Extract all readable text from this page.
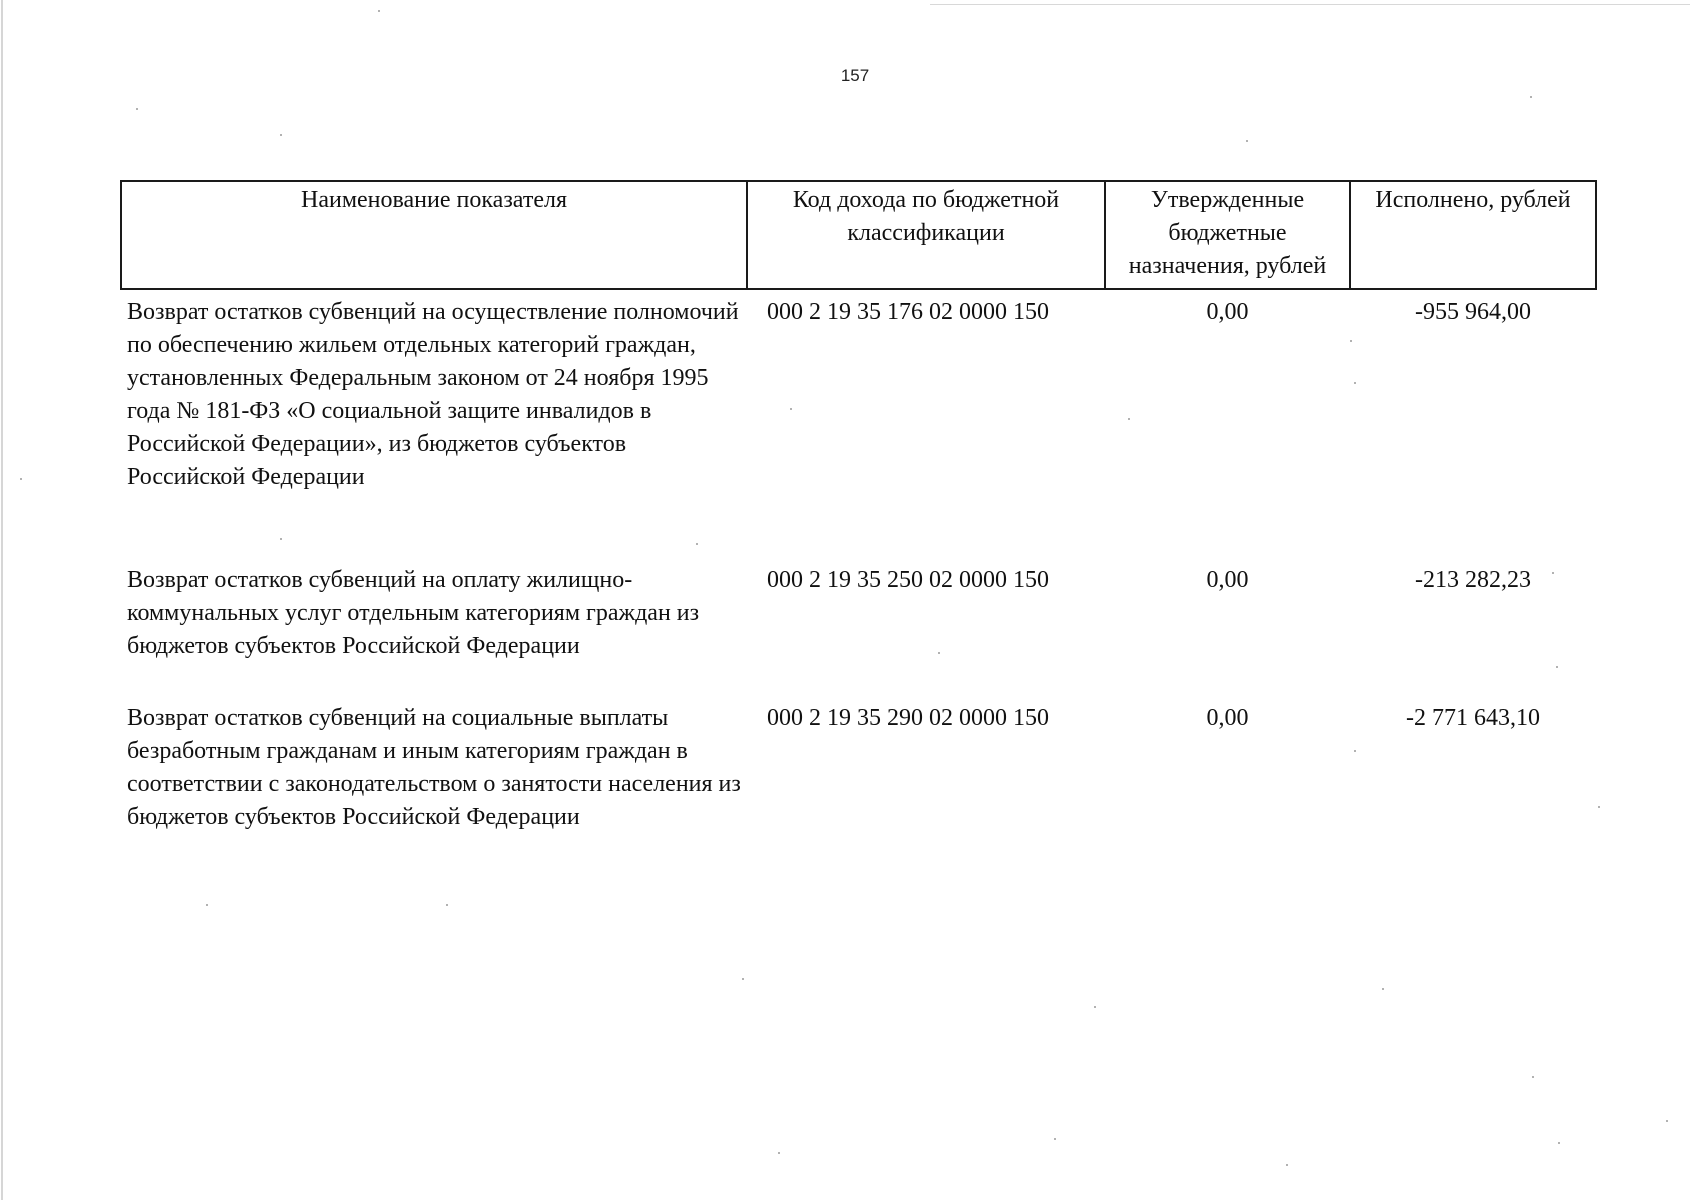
157
Наименование показателя	Код дохода по бюджетной классификации	Утвержденные бюджетные назначения, рублей	Исполнено, рублей
Возврат остатков субвенций на осуществление полномочий по обеспечению жильем отдельных категорий граждан, установленных Федеральным законом от 24 ноября 1995 года № 181-ФЗ «О социальной защите инвалидов в Российской Федерации», из бюджетов субъектов Российской Федерации	000 2 19 35 176 02 0000 150	0,00	-955 964,00
Возврат остатков субвенций на оплату жилищно-коммунальных услуг отдельным категориям граждан из бюджетов субъектов Российской Федерации	000 2 19 35 250 02 0000 150	0,00	-213 282,23
Возврат остатков субвенций на социальные выплаты безработным гражданам и иным категориям граждан в соответствии с законодательством о занятости населения из бюджетов субъектов Российской Федерации	000 2 19 35 290 02 0000 150	0,00	-2 771 643,10
